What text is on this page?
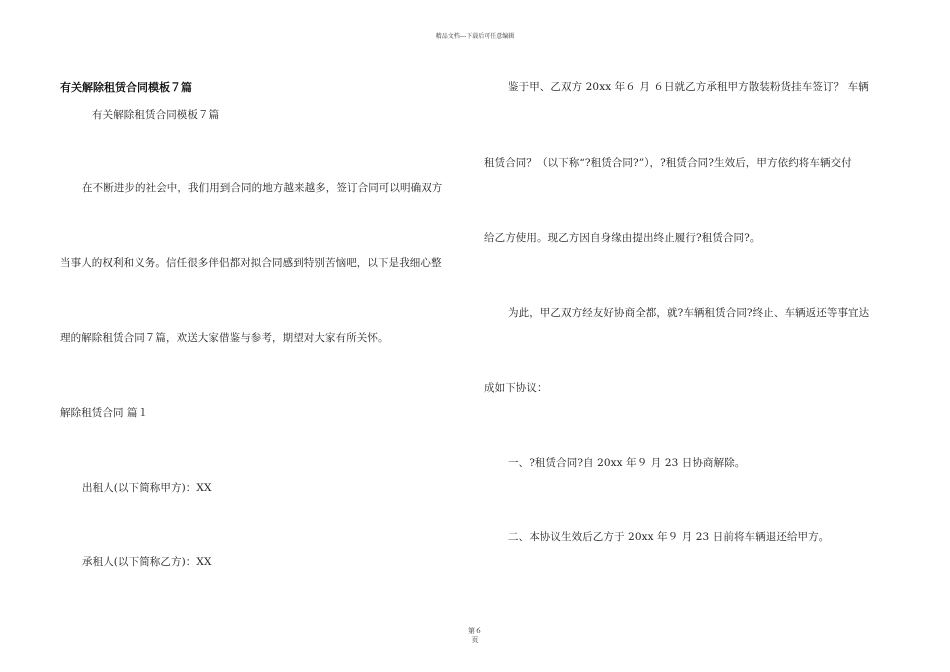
精品文档---下载后可任意编辑
有关解除租赁合同模板７篇
有关解除租赁合同模板７篇
在不断进步的社会中，我们用到合同的地方越来越多，签订合同可以明确双方
当事人的权利和义务。信任很多伴侣都对拟合同感到特别苦恼吧，以下是我细心整
理的解除租赁合同７篇，欢送大家借鉴与参考，期望对大家有所关怀。
解除租赁合同 篇１
出租人(以下简称甲方)：XX
承租人(以下简称乙方)：XX
鉴于甲、乙双方 20xx 年６ 月 ６日就乙方承租甲方散装粉货挂车签订？ 车辆
租赁合同？（以下称“?租赁合同?”），?租赁合同?生效后，甲方依约将车辆交付
给乙方使用。现乙方因自身缘由提出终止履行?租赁合同?。
为此，甲乙双方经友好协商全都，就?车辆租赁合同?终止、车辆返还等事宜达
成如下协议：
一、?租赁合同?自 20xx 年９ 月 23 日协商解除。
二、本协议生效后乙方于 20xx 年９ 月 23 日前将车辆退还给甲方。
第６
页
